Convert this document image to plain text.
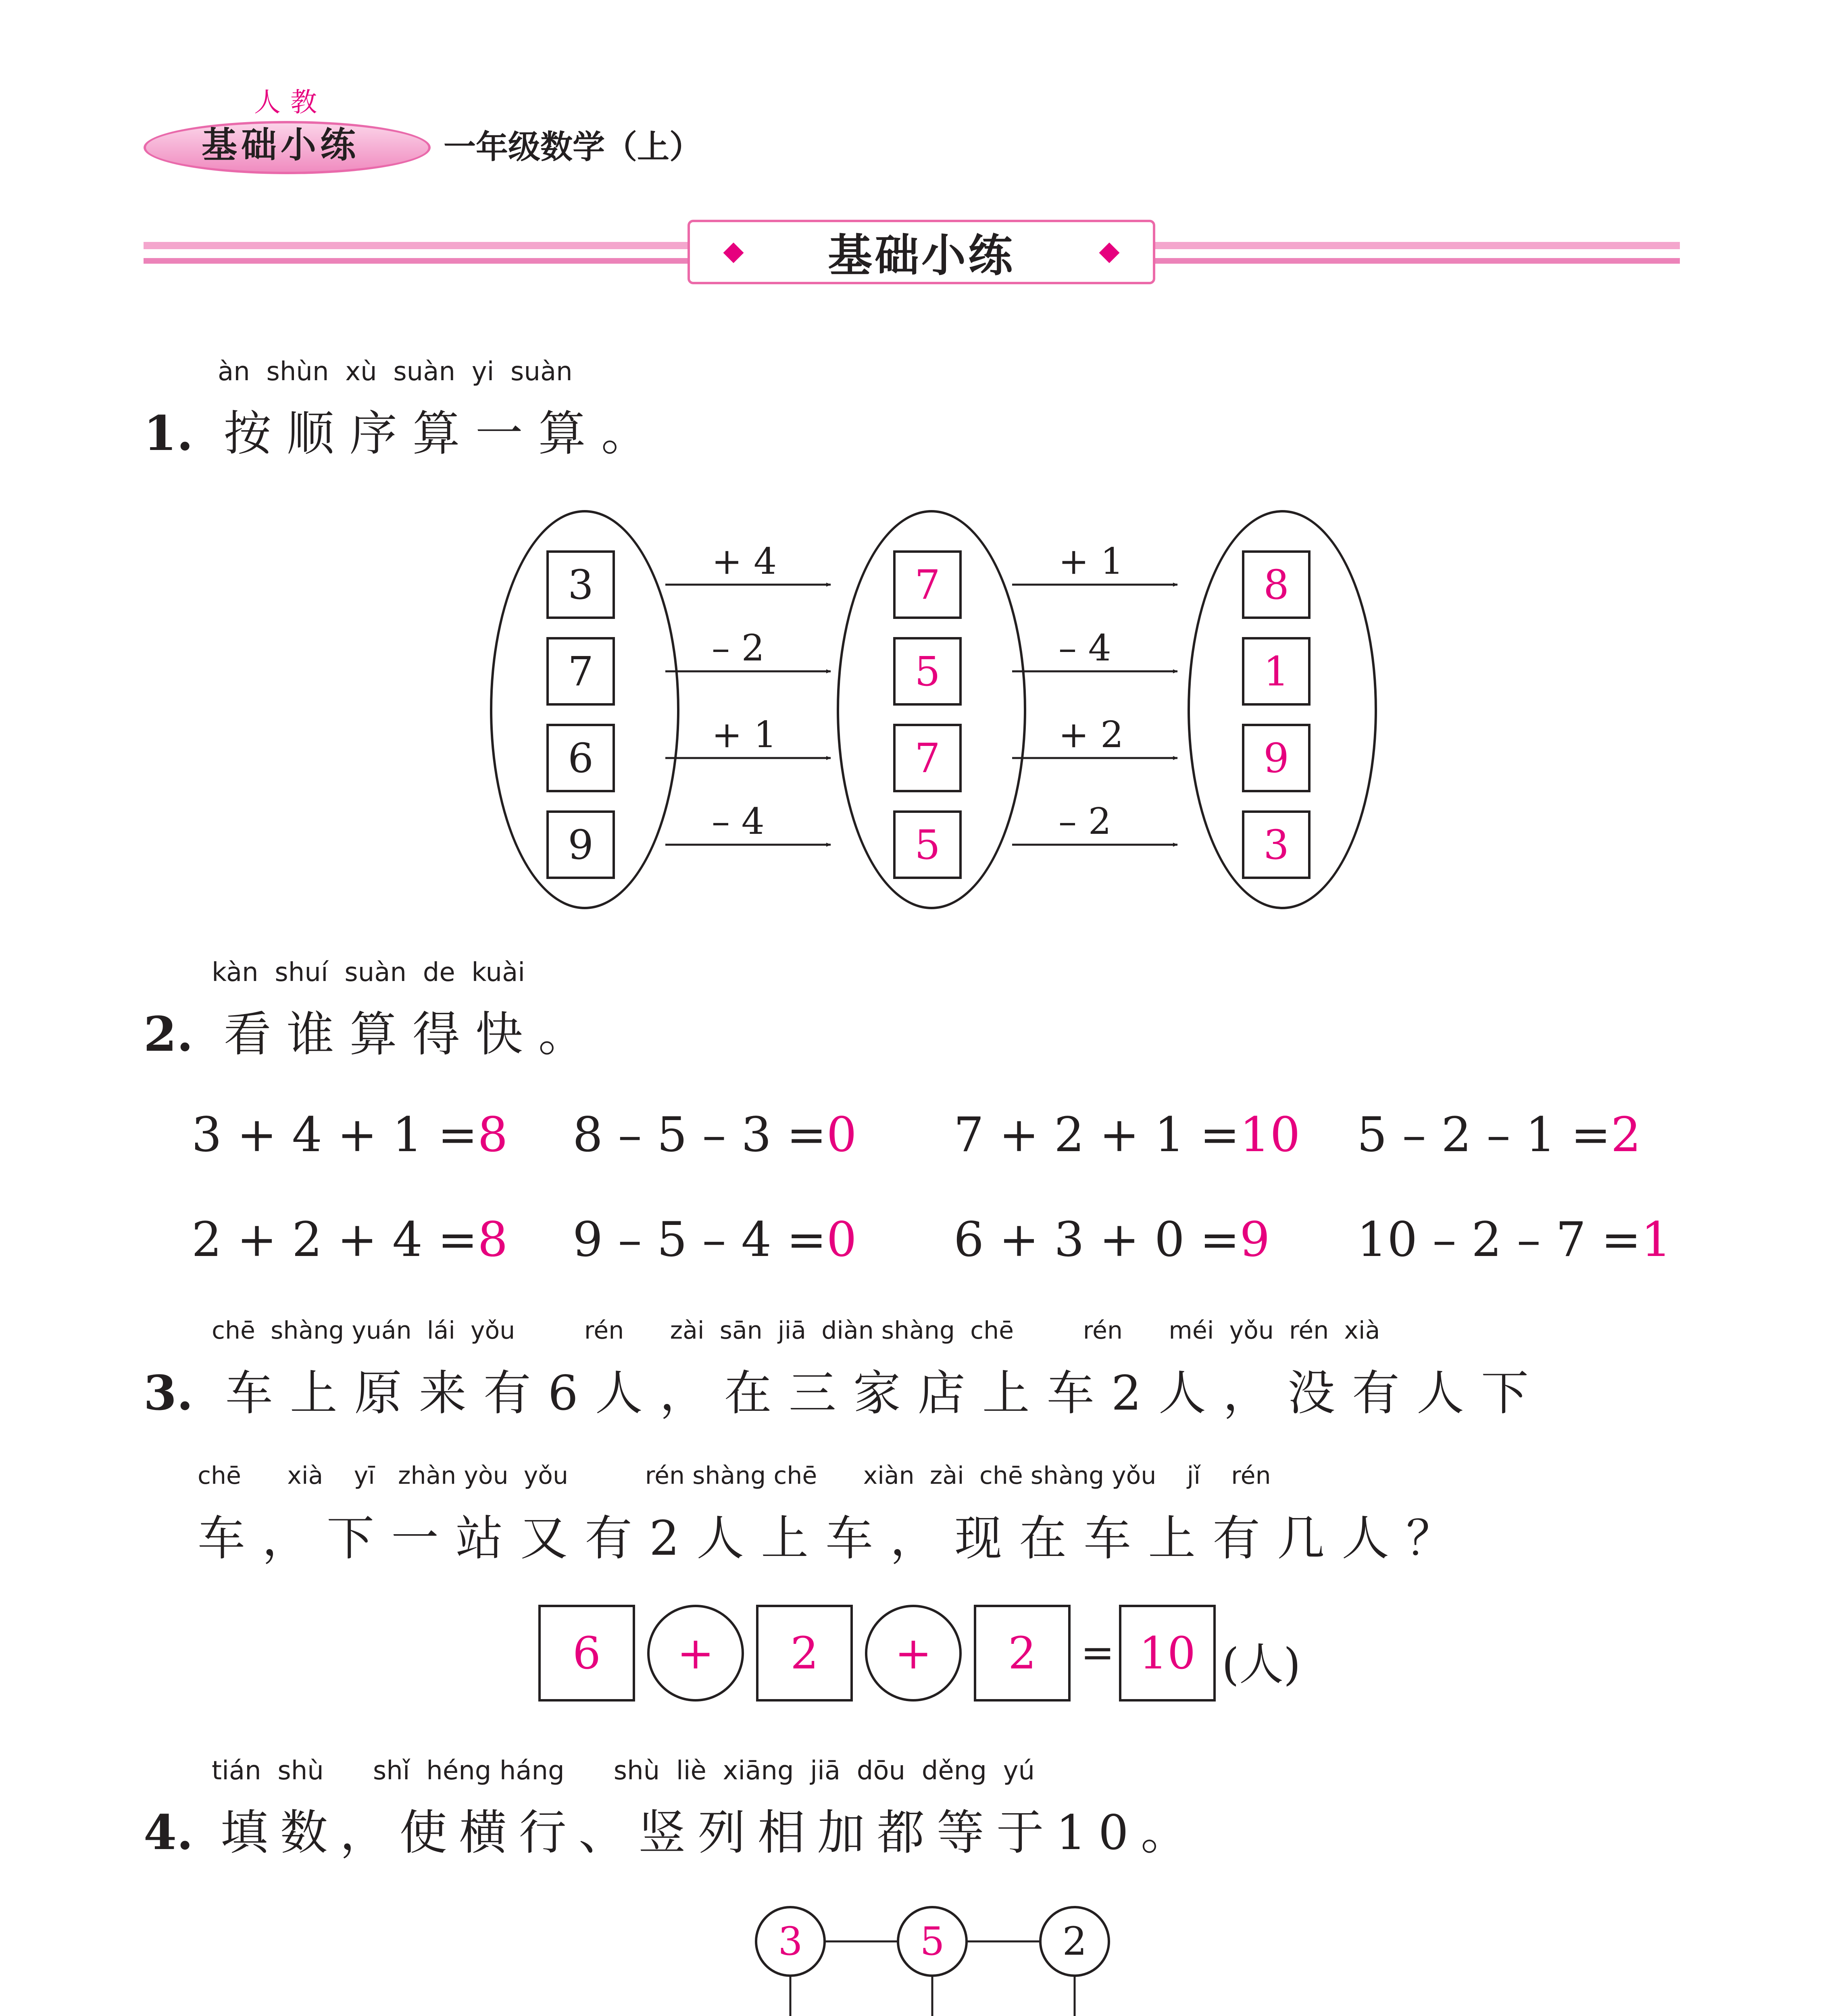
人教
基础小练	一年级数学（上）
基础小练
àn  shùn  xù  suàn  yi  suàn
1. 按顺序算一算。
3
7
6
9
7
5
7
5
8
1
9
3
+ 4
– 2
+ 1
– 4
+ 1
– 4
+ 2
– 2
kàn  shuí  suàn  de  kuài
2. 看谁算得快。
3 + 4 + 1 =8 8 – 5 – 3 =0 7 + 2 + 1 =10 5 – 2 – 1 =2
2 + 2 + 4 =8 9 – 5 – 4 =0 6 + 3 + 0 =9 10 – 2 – 7 =1
chē  shàng yuán  lái  yǒu         rén      zài  sān  jiā  diàn shàng  chē         rén      méi  yǒu  rén  xià
3. 车上原来有6人，在三家店上车2人，没有人下
chē      xià    yī   zhàn yòu  yǒu          rén shàng chē      xiàn  zài  chē shàng yǒu    jǐ    rén
车，下一站又有2人上车，现在车上有几人？
6	+	2	+	2	= 10 (人)
tián  shù      shǐ  héng háng      shù  liè  xiāng  jiā  dōu  děng  yú
4. 填数，使横行、竖列相加都等于10。
3	5	2
